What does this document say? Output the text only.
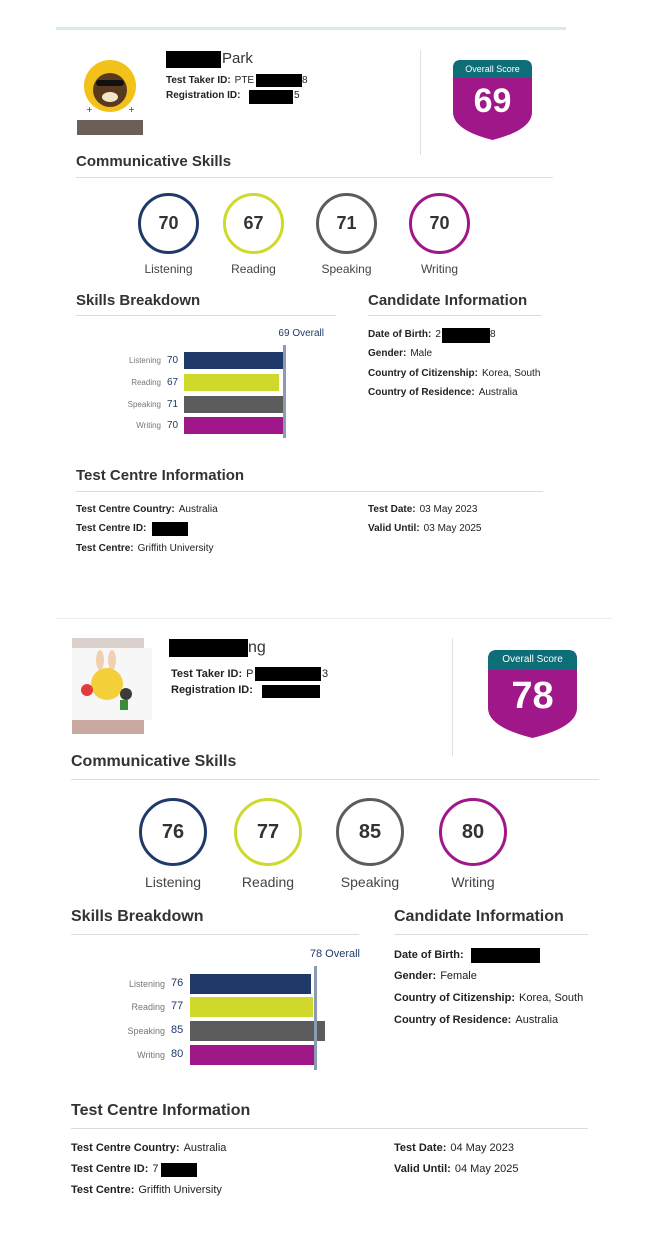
+	+
Park
Test Taker ID: PTE	8
Registration ID:	5
Overall Score
69
Communicative Skills
70	67	71	70
Listening	Reading	Speaking	Writing
Skills Breakdown
69 Overall
Listening 70
Reading 67
Speaking 71
Writing 70
Candidate Information
Date of Birth: 2	8
Gender: Male
Country of Citizenship: Korea, South
Country of Residence: Australia
Test Centre Information
Test Centre Country: Australia
Test Centre ID:
Test Centre: Griffith University
Test Date: 03 May 2023
Valid Until: 03 May 2025
ng
Test Taker ID: P	3
Registration ID:
Overall Score
78
Communicative Skills
76	77	85	80
Listening	Reading	Speaking	Writing
Skills Breakdown
78 Overall
Listening 76
Reading 77
Speaking 85
Writing 80
Candidate Information
Date of Birth:
Gender: Female
Country of Citizenship: Korea, South
Country of Residence: Australia
Test Centre Information
Test Centre Country: Australia
Test Centre ID: 7
Test Centre: Griffith University
Test Date: 04 May 2023
Valid Until: 04 May 2025
